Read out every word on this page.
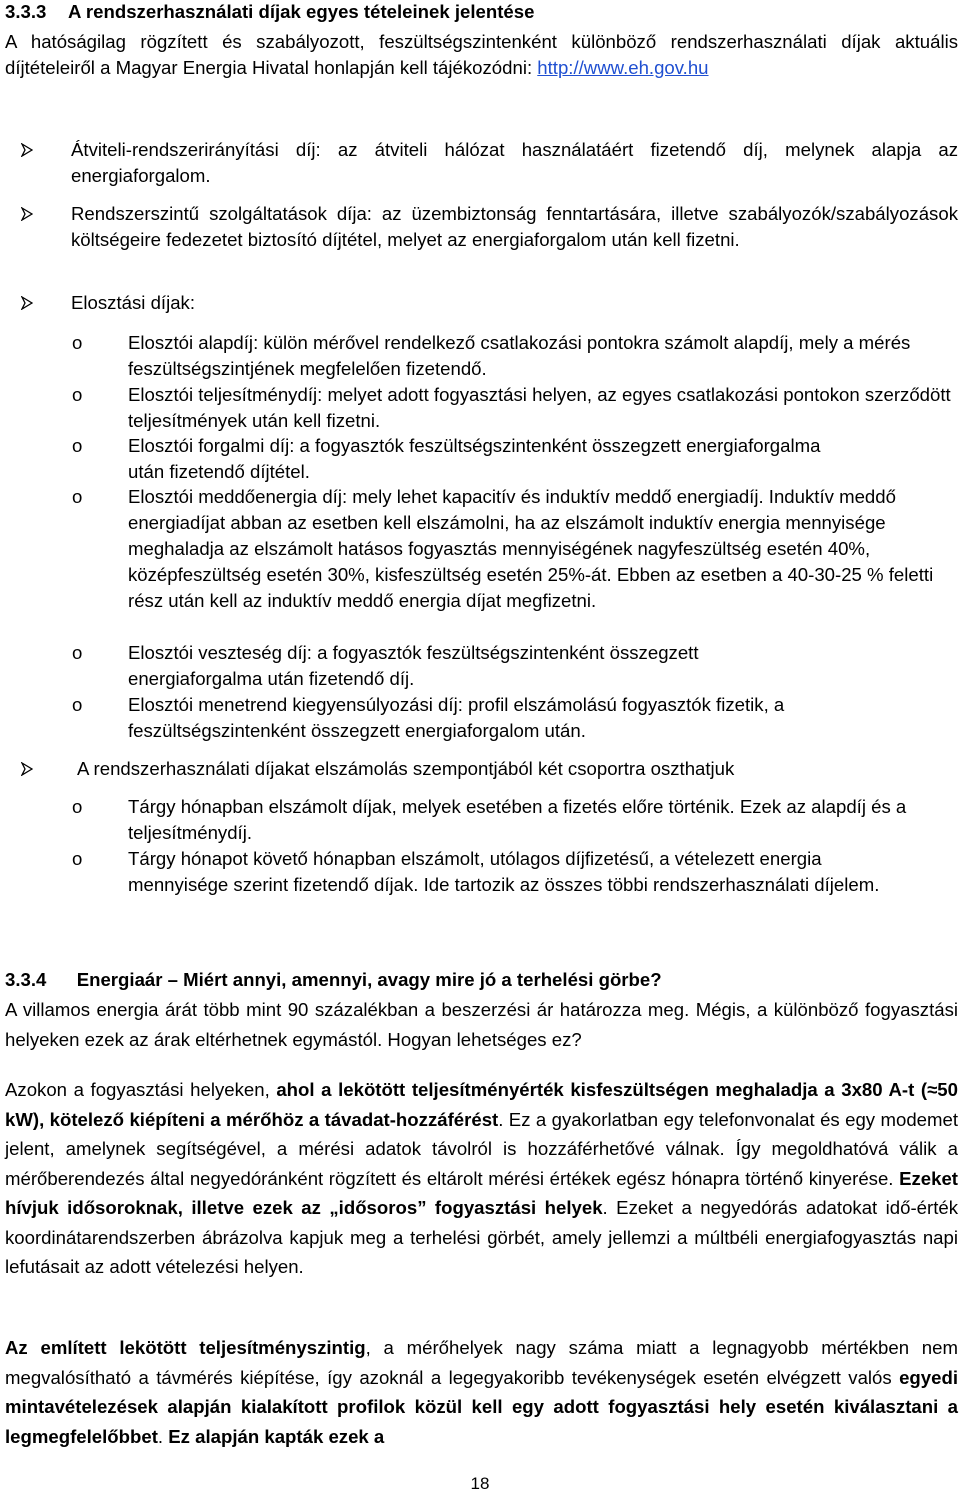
3.3.3 A rendszerhasználati díjak egyes tételeinek jelentése

A hatóságilag rögzített és szabályozott, feszültségszintenként különböző rendszerhasználati díjak aktuális díjtételeiről a Magyar Energia Hivatal honlapján kell tájékozódni: http://www.eh.gov.hu

Átviteli-rendszerirányítási díj: az átviteli hálózat használatáért fizetendő díj, melynek alapja az energiaforgalom.
Rendszerszintű szolgáltatások díja: az üzembiztonság fenntartására, illetve szabályozók/szabályozások költségeire fedezetet biztosító díjtétel, melyet az energiaforgalom után kell fizetni.
Elosztási díjak:
o Elosztói alapdíj: külön mérővel rendelkező csatlakozási pontokra számolt alapdíj, mely a mérés feszültségszintjének megfelelően fizetendő.
o Elosztói teljesítménydíj: melyet adott fogyasztási helyen, az egyes csatlakozási pontokon szerződött teljesítmények után kell fizetni.
o Elosztói forgalmi díj: a fogyasztók feszültségszintenként összegzett energiaforgalma után fizetendő díjtétel.
o Elosztói meddőenergia díj: mely lehet kapacitív és induktív meddő energiadíj. Induktív meddő energiadíjat abban az esetben kell elszámolni, ha az elszámolt induktív energia mennyisége meghaladja az elszámolt hatásos fogyasztás mennyiségének nagyfeszültség esetén 40%, középfeszültség esetén 30%, kisfeszültség esetén 25%-át. Ebben az esetben a 40-30-25 % feletti rész után kell az induktív meddő energia díjat megfizetni.
o Elosztói veszteség díj: a fogyasztók feszültségszintenként összegzett energiaforgalma után fizetendő díj.
o Elosztói menetrend kiegyensúlyozási díj: profil elszámolású fogyasztók fizetik, a feszültségszintenként összegzett energiaforgalom után.
A rendszerhasználati díjakat elszámolás szempontjából két csoportra oszthatjuk
o Tárgy hónapban elszámolt díjak, melyek esetében a fizetés előre történik. Ezek az alapdíj és a teljesítménydíj.
o Tárgy hónapot követő hónapban elszámolt, utólagos díjfizetésű, a vételezett energia mennyisége szerint fizetendő díjak. Ide tartozik az összes többi rendszerhasználati díjelem.
3.3.4 Energiaár – Miért annyi, amennyi, avagy mire jó a terhelési görbe?

A villamos energia árát több mint 90 százalékban a beszerzési ár határozza meg. Mégis, a különböző fogyasztási helyeken ezek az árak eltérhetnek egymástól. Hogyan lehetséges ez?

Azokon a fogyasztási helyeken, ahol a lekötött teljesítményérték kisfeszültségen meghaladja a 3x80 A-t (≈50 kW), kötelező kiépíteni a mérőhöz a távadat-hozzáférést. Ez a gyakorlatban egy telefonvonalat és egy modemet jelent, amelynek segítségével, a mérési adatok távolról is hozzáférhetővé válnak. Így megoldhatóvá válik a mérőberendezés által negyedóránként rögzített és eltárolt mérési értékek egész hónapra történő kinyerése. Ezeket hívjuk idősoroknak, illetve ezek az „idősoros” fogyasztási helyek. Ezeket a negyedórás adatokat idő-érték koordinátarendszerben ábrázolva kapjuk meg a terhelési görbét, amely jellemzi a múltbéli energiafogyasztás napi lefutásait az adott vételezési helyen.

Az említett lekötött teljesítményszintig, a mérőhelyek nagy száma miatt a legnagyobb mértékben nem megvalósítható a távmérés kiépítése, így azoknál a legegyakoribb tevékenységek esetén elvégzett valós egyedi mintavételezések alapján kialakított profilok közül kell egy adott fogyasztási hely esetén kiválasztani a legmegfelelőbbet. Ez alapján kapták ezek a

18
